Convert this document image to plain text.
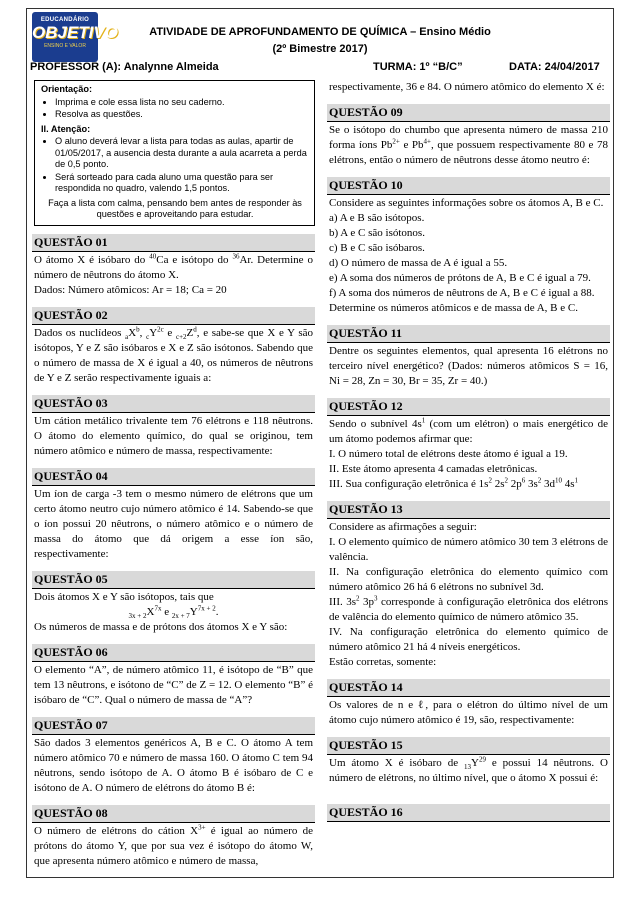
EDUCANDÁRIO
OBJETIVO
ENSINO E VALOR
ATIVIDADE DE APROFUNDAMENTO DE QUÍMICA – Ensino Médio
(2º Bimestre 2017)
PROFESSOR (A): Analynne Almeida	TURMA: 1º “B/C”	DATA: 24/04/2017
Orientação:
• Imprima e cole essa lista no seu caderno.
• Resolva as questões.
II. Atenção:
• O aluno deverá levar a lista para todas as aulas, apartir de 01/05/2017, a ausencia desta durante a aula acarreta a perda de 0,5 ponto.
• Será sorteado para cada aluno uma questão para ser respondida no quadro, valendo 1,5 pontos.
Faça a lista com calma, pensando bem antes de responder às questões e aproveitando para estudar.
QUESTÃO 01
O átomo X é isóbaro do $^{40}$Ca e isótopo do $^{36}$Ar. Determine o número de nêutrons do átomo X.
Dados: Número atômicos: Ar = 18; Ca = 20
QUESTÃO 02
Dados os nuclídeos $_aX^b$, $_cY^{2c}$ e $_{c+2}Z^d$, e sabe-se que X e Y são isótopos, Y e Z são isóbaros e X e Z são isótonos. Sabendo que o número de massa de X é igual a 40, os números de nêutrons de Y e Z serão respectivamente iguais a:
QUESTÃO 03
Um cátion metálico trivalente tem 76 elétrons e 118 nêutrons. O átomo do elemento químico, do qual se originou, tem número atômico e número de massa, respectivamente:
QUESTÃO 04
Um íon de carga -3 tem o mesmo número de elétrons que um certo átomo neutro cujo número atômico é 14. Sabendo-se que o íon possui 20 nêutrons, o número atômico e o número de massa do átomo que dá origem a esse íon são, respectivamente:
QUESTÃO 05
Dois átomos X e Y são isótopos, tais que
$_{3x + 2}X^{7x}$ e $_{2x + 7}Y^{7x + 2}$.
Os números de massa e de prótons dos átomos X e Y são:
QUESTÃO 06
O elemento “A”, de número atômico 11, é isótopo de “B” que tem 13 nêutrons, e isótono de “C” de Z = 12. O elemento “B” é isóbaro de “C”. Qual o número de massa de “A”?
QUESTÃO 07
São dados 3 elementos genéricos A, B e C. O átomo A tem número atômico 70 e número de massa 160. O átomo C tem 94 nêutrons, sendo isótopo de A. O átomo B é isóbaro de C e isótono de A. O número de elétrons do átomo B é:
QUESTÃO 08
O número de elétrons do cátion $X^{3+}$ é igual ao número de prótons do átomo Y, que por sua vez é isótopo do átomo W, que apresenta número atômico e número de massa,
respectivamente, 36 e 84. O número atômico do elemento X é:
QUESTÃO 09
Se o isótopo do chumbo que apresenta número de massa 210 forma íons $Pb^{2+}$ e $Pb^{4+}$, que possuem respectivamente 80 e 78 elétrons, então o número de nêutrons desse átomo neutro é:
QUESTÃO 10
Considere as seguintes informações sobre os átomos A, B e C.
a) A e B são isótopos.
b) A e C são isótonos.
c) B e C são isóbaros.
d) O número de massa de A é igual a 55.
e) A soma dos números de prótons de A, B e C é igual a 79.
f) A soma dos números de nêutrons de A, B e C é igual a 88.
Determine os números atômicos e de massa de A, B e C.
QUESTÃO 11
Dentre os seguintes elementos, qual apresenta 16 elétrons no terceiro nível energético? (Dados: números atômicos S = 16, Ni = 28, Zn = 30, Br = 35, Zr = 40.)
QUESTÃO 12
Sendo o subnível $4s^1$ (com um elétron) o mais energético de um átomo podemos afirmar que:
I. O número total de elétrons deste átomo é igual a 19.
II. Este átomo apresenta 4 camadas eletrônicas.
III. Sua configuração eletrônica é $1s^2$ $2s^2$ $2p^6$ $3s^2$ $3d^{10}$ $4s^1$
QUESTÃO 13
Considere as afirmações a seguir:
I. O elemento químico de número atômico 30 tem 3 elétrons de valência.
II. Na configuração eletrônica do elemento químico com número atômico 26 há 6 elétrons no subnível 3d.
III. $3s^2$ $3p^3$ corresponde à configuração eletrônica dos elétrons de valência do elemento químico de número atômico 35.
IV. Na configuração eletrônica do elemento químico de número atômico 21 há 4 níveis energéticos.
Estão corretas, somente:
QUESTÃO 14
Os valores de n e ℓ, para o elétron do último nível de um átomo cujo número atômico é 19, são, respectivamente:
QUESTÃO 15
Um átomo X é isóbaro de $_{13}Y^{29}$ e possui 14 nêutrons. O número de elétrons, no último nível, que o átomo X possui é:
QUESTÃO 16
